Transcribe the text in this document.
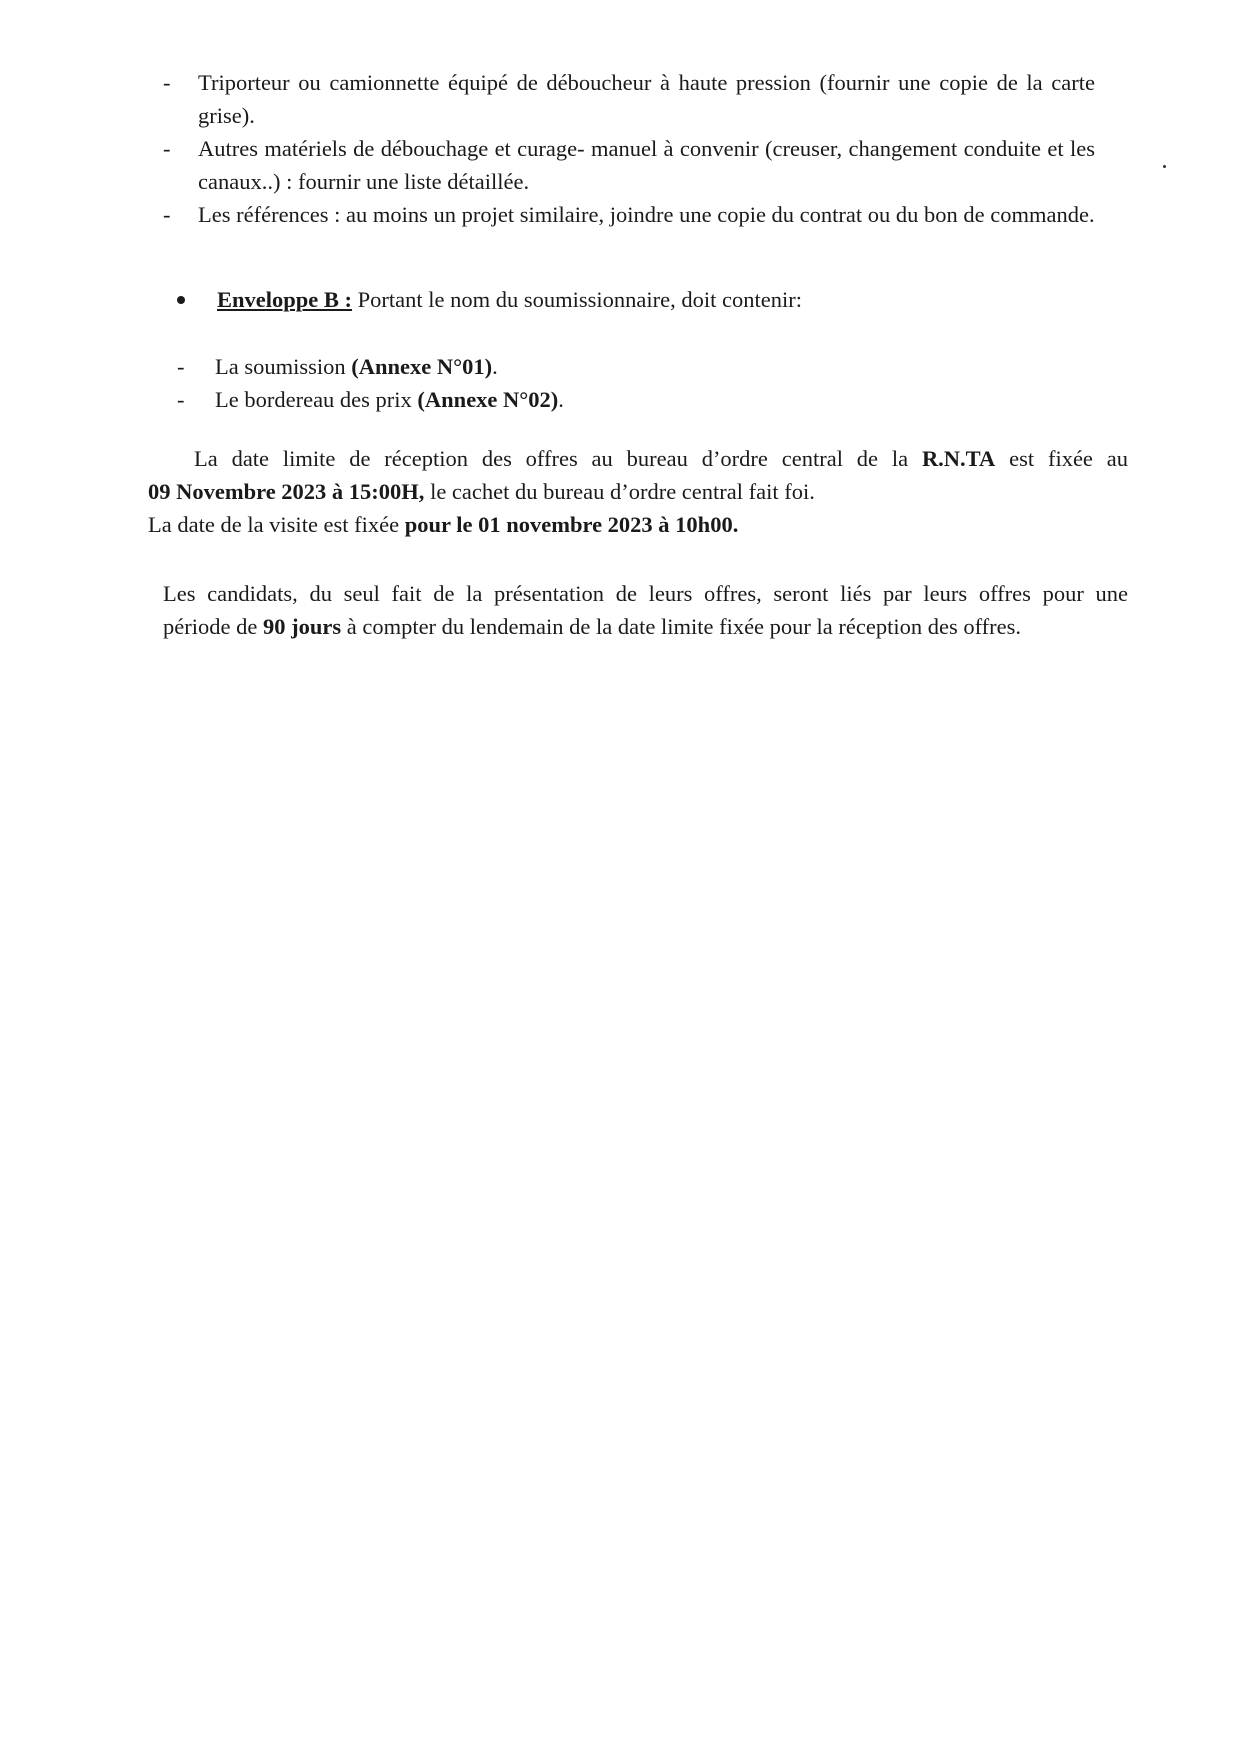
- Triporteur ou camionnette équipé de déboucheur à haute pression (fournir une copie de la carte grise).
- Autres matériels de débouchage et curage- manuel à convenir (creuser, changement conduite et les canaux..) : fournir une liste détaillée.
- Les références : au moins un projet similaire, joindre une copie du contrat ou du bon de commande.
Enveloppe B : Portant le nom du soumissionnaire, doit contenir:
- La soumission (Annexe N°01).
- Le bordereau des prix (Annexe N°02).
La date limite de réception des offres au bureau d’ordre central de la R.N.TA est fixée au
09 Novembre 2023 à 15:00H, le cachet du bureau d’ordre central fait foi.
La date de la visite est fixée pour le 01 novembre 2023 à 10h00.
Les candidats, du seul fait de la présentation de leurs offres, seront liés par leurs offres pour une
période de 90 jours à compter du lendemain de la date limite fixée pour la réception des offres.
